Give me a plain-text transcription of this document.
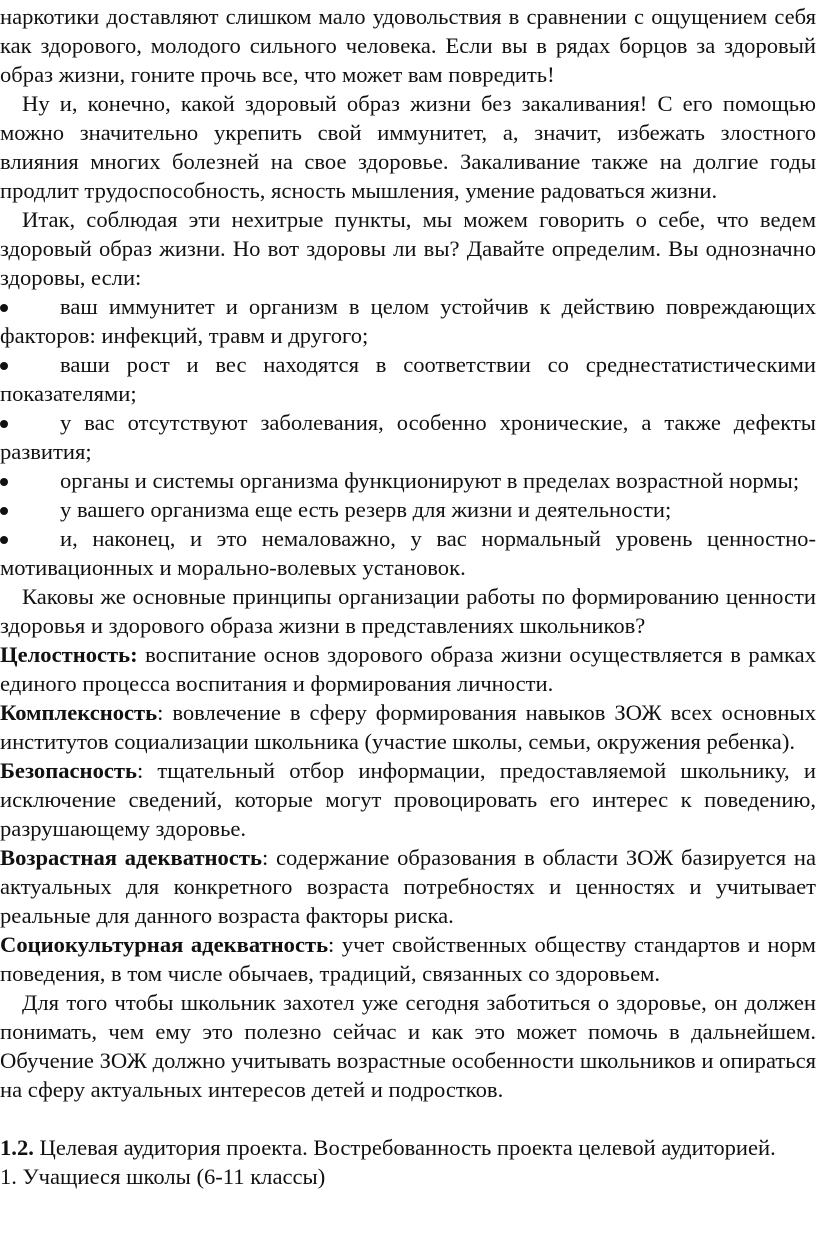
наркотики доставляют слишком мало удовольствия в сравнении с ощущением себя как здорового, молодого сильного человека. Если вы в рядах борцов за здоровый образ жизни, гоните прочь все, что может вам повредить!

Ну и, конечно, какой здоровый образ жизни без закаливания! С его помощью можно значительно укрепить свой иммунитет, а, значит, избежать злостного влияния многих болезней на свое здоровье. Закаливание также на долгие годы продлит трудоспособность, ясность мышления, умение радоваться жизни.

Итак, соблюдая эти нехитрые пункты, мы можем говорить о себе, что ведем здоровый образ жизни. Но вот здоровы ли вы? Давайте определим. Вы однозначно здоровы, если:

ваш иммунитет и организм в целом устойчив к действию повреждающих факторов: инфекций, травм и другого;

ваши рост и вес находятся в соответствии со среднестатистическими показателями;

у вас отсутствуют заболевания, особенно хронические, а также дефекты развития;

органы и системы организма функционируют в пределах возрастной нормы;

у вашего организма еще есть резерв для жизни и деятельности;

и, наконец, и это немаловажно, у вас нормальный уровень ценностно-мотивационных и морально-волевых установок.

Каковы же основные принципы организации работы по формированию ценности здоровья и здорового образа жизни в представлениях школьников?

Целостность: воспитание основ здорового образа жизни осуществляется в рамках единого процесса воспитания и формирования личности.

Комплексность: вовлечение в сферу формирования навыков ЗОЖ всех основных институтов социализации школьника (участие школы, семьи, окружения ребенка).

Безопасность: тщательный отбор информации, предоставляемой школьнику, и исключение сведений, которые могут провоцировать его интерес к поведению, разрушающему здоровье.

Возрастная адекватность: содержание образования в области ЗОЖ базируется на актуальных для конкретного возраста потребностях и ценностях и учитывает реальные для данного возраста факторы риска.

Социокультурная адекватность: учет свойственных обществу стандартов и норм поведения, в том числе обычаев, традиций, связанных со здоровьем.

Для того чтобы школьник захотел уже сегодня заботиться о здоровье, он должен понимать, чем ему это полезно сейчас и как это может помочь в дальнейшем. Обучение ЗОЖ должно учитывать возрастные особенности школьников и опираться на сферу актуальных интересов детей и подростков.

1.2. Целевая аудитория проекта. Востребованность проекта целевой аудиторией.

1. Учащиеся школы (6-11 классы)
